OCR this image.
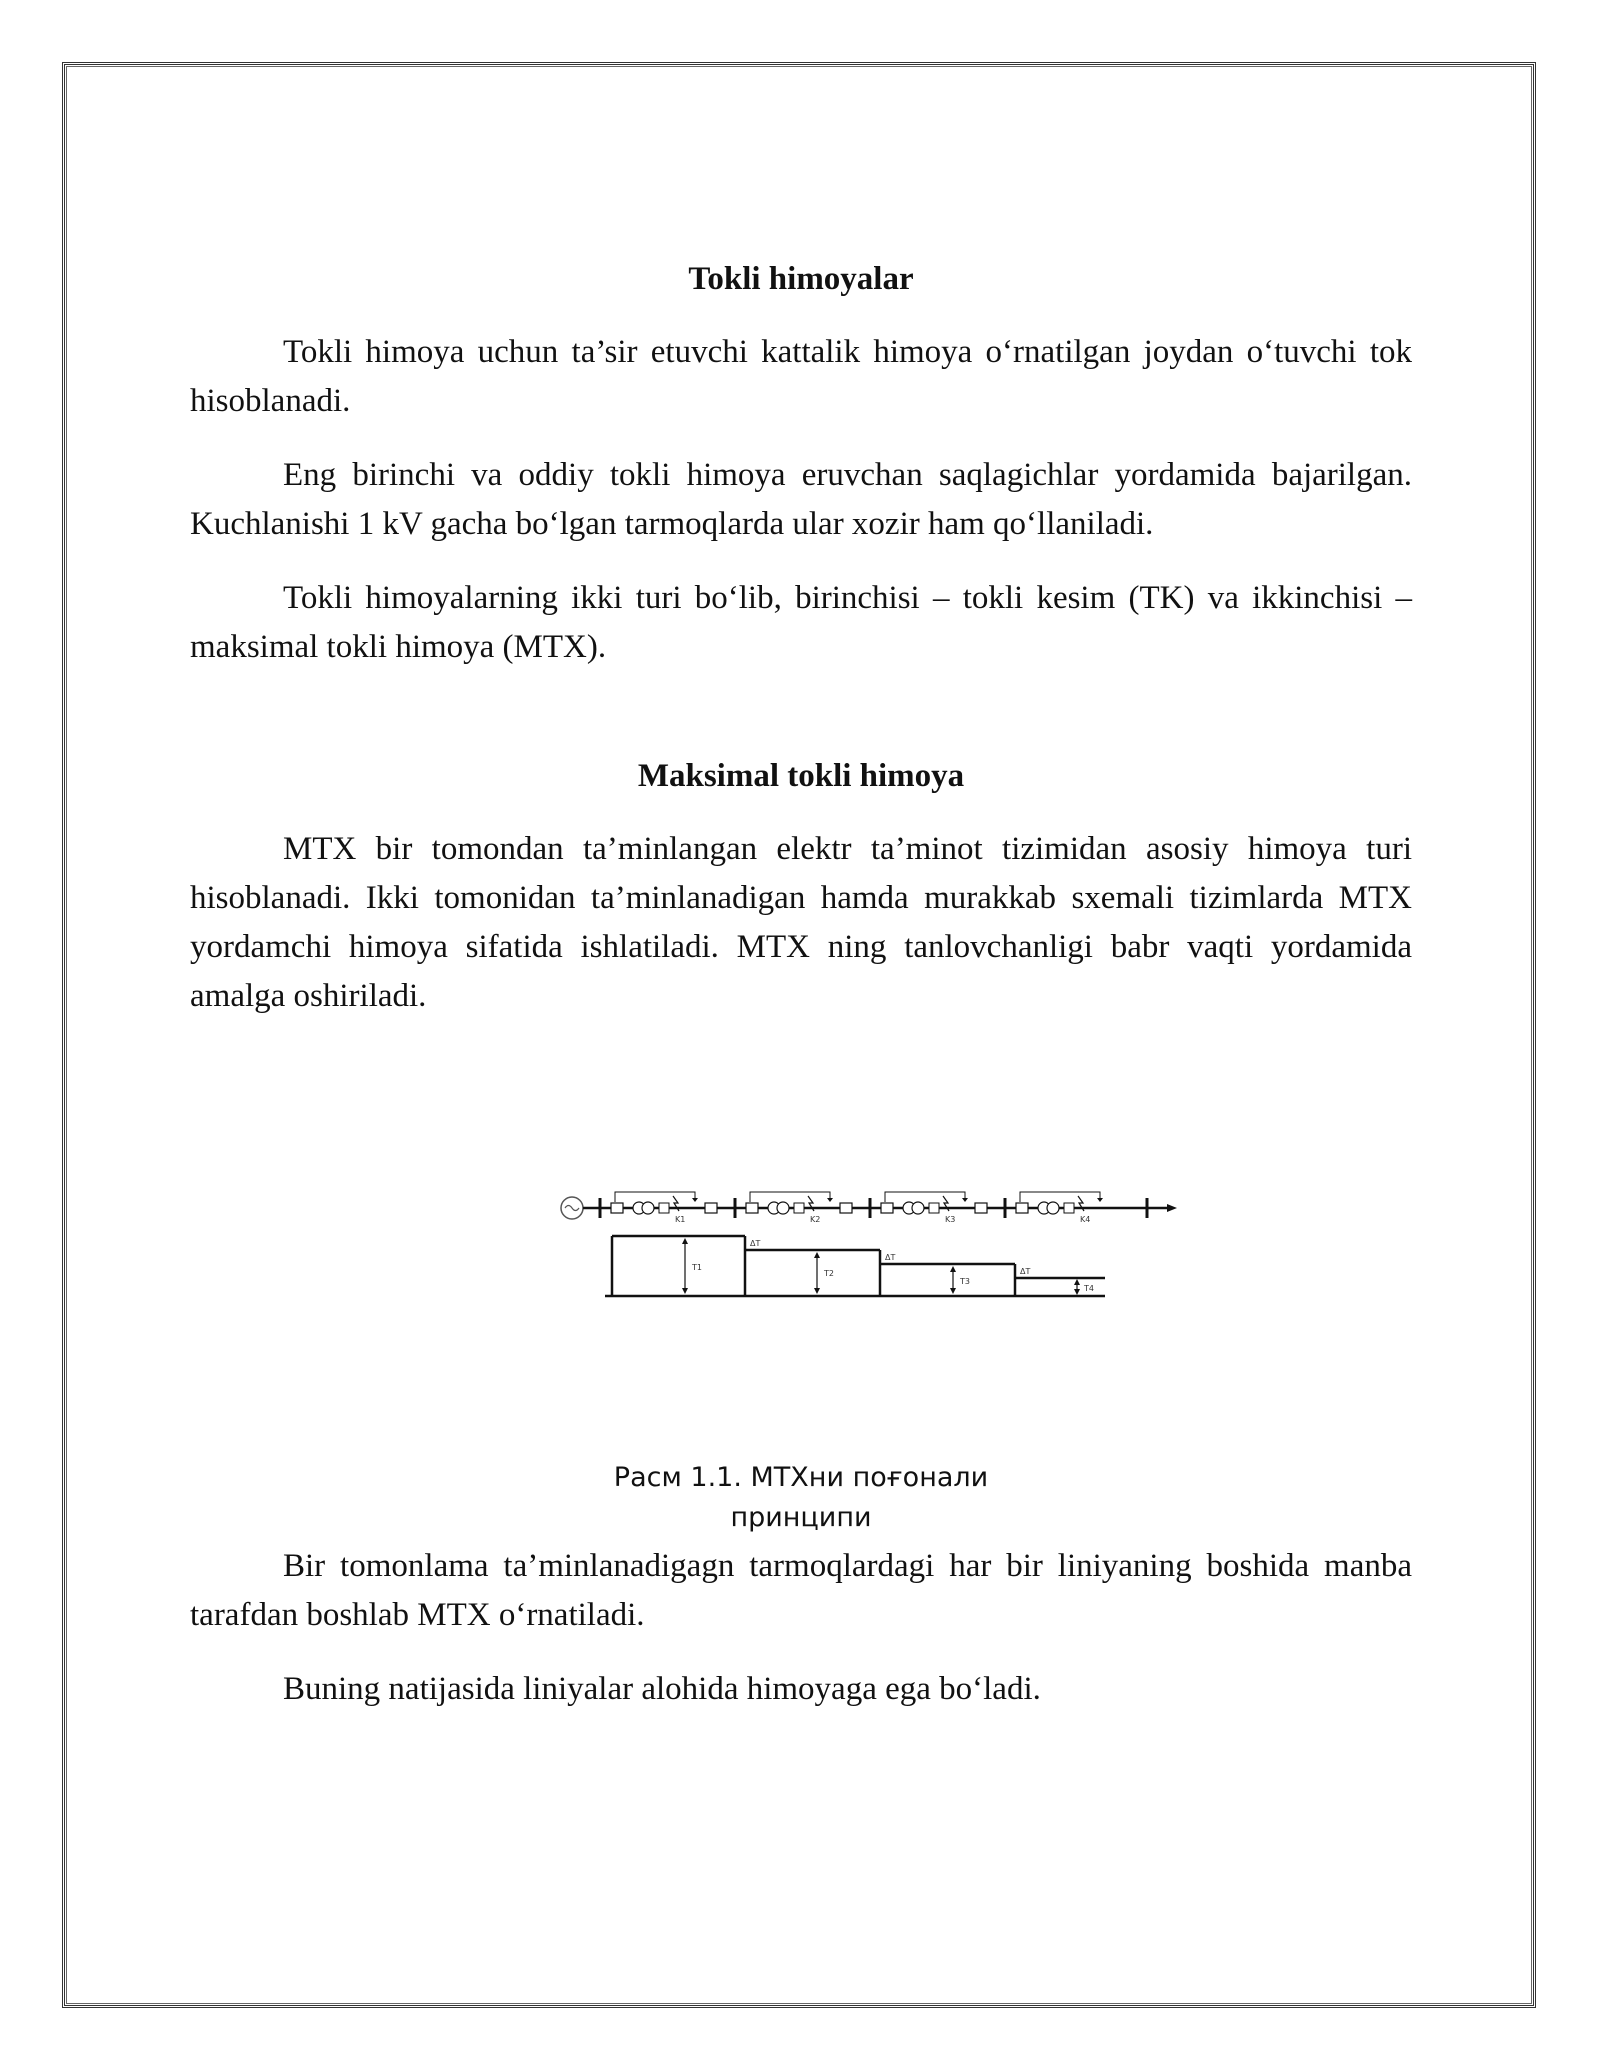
Tokli himoyalar

Tokli himoya uchun ta’sir etuvchi kattalik himoya o‘rnatilgan joydan o‘tuvchi tok hisoblanadi.

Eng birinchi va oddiy tokli himoya eruvchan saqlagichlar yordamida bajarilgan. Kuchlanishi 1 kV gacha bo‘lgan tarmoqlarda ular xozir ham qo‘llaniladi.

Tokli himoyalarning ikki turi bo‘lib, birinchisi – tokli kesim (TK) va ikkinchisi – maksimal tokli himoya (MTX).

Maksimal tokli himoya

MTX bir tomondan ta’minlangan elektr ta’minot tizimidan asosiy himoya turi hisoblanadi. Ikki tomonidan ta’minlanadigan hamda murakkab sxemali tizimlarda MTX yordamchi himoya sifatida ishlatiladi. MTX ning tanlovchanligi babr vaqti yordamida amalga oshiriladi.

K1	K2	K3	K4
T1
T2
T3
T4
ΔT
ΔT
ΔT
Расм 1.1. МТХни поғонали принципи

Bir tomonlama ta’minlanadigagn tarmoqlardagi har bir liniyaning boshida manba tarafdan boshlab MTX o‘rnatiladi.

Buning natijasida liniyalar alohida himoyaga ega bo‘ladi.
